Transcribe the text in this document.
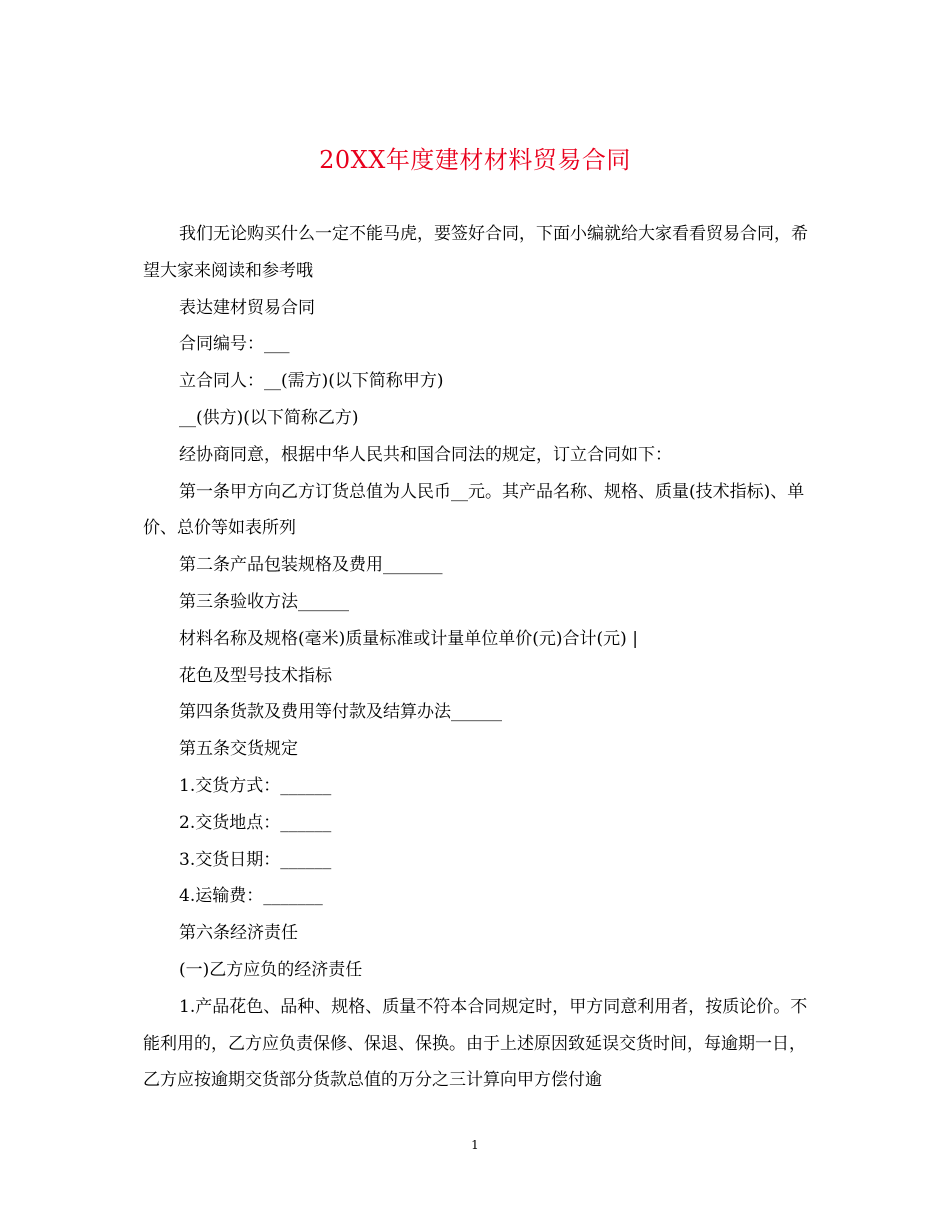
20XX年度建材材料贸易合同

我们无论购买什么一定不能马虎，要签好合同，下面小编就给大家看看贸易合同，希望大家来阅读和参考哦

表达建材贸易合同

合同编号：___

立合同人：__(需方)(以下简称甲方)

__(供方)(以下简称乙方)

经协商同意，根据中华人民共和国合同法的规定，订立合同如下：

第一条甲方向乙方订货总值为人民币__元。其产品名称、规格、质量(技术指标)、单价、总价等如表所列

第二条产品包装规格及费用_______

第三条验收方法______

材料名称及规格(毫米)质量标准或计量单位单价(元)合计(元) |

花色及型号技术指标

第四条货款及费用等付款及结算办法______

第五条交货规定

1.交货方式：______

2.交货地点：______

3.交货日期：______

4.运输费：_______

第六条经济责任

(一)乙方应负的经济责任

1.产品花色、品种、规格、质量不符本合同规定时，甲方同意利用者，按质论价。不能利用的，乙方应负责保修、保退、保换。由于上述原因致延误交货时间，每逾期一日，乙方应按逾期交货部分货款总值的万分之三计算向甲方偿付逾

1
